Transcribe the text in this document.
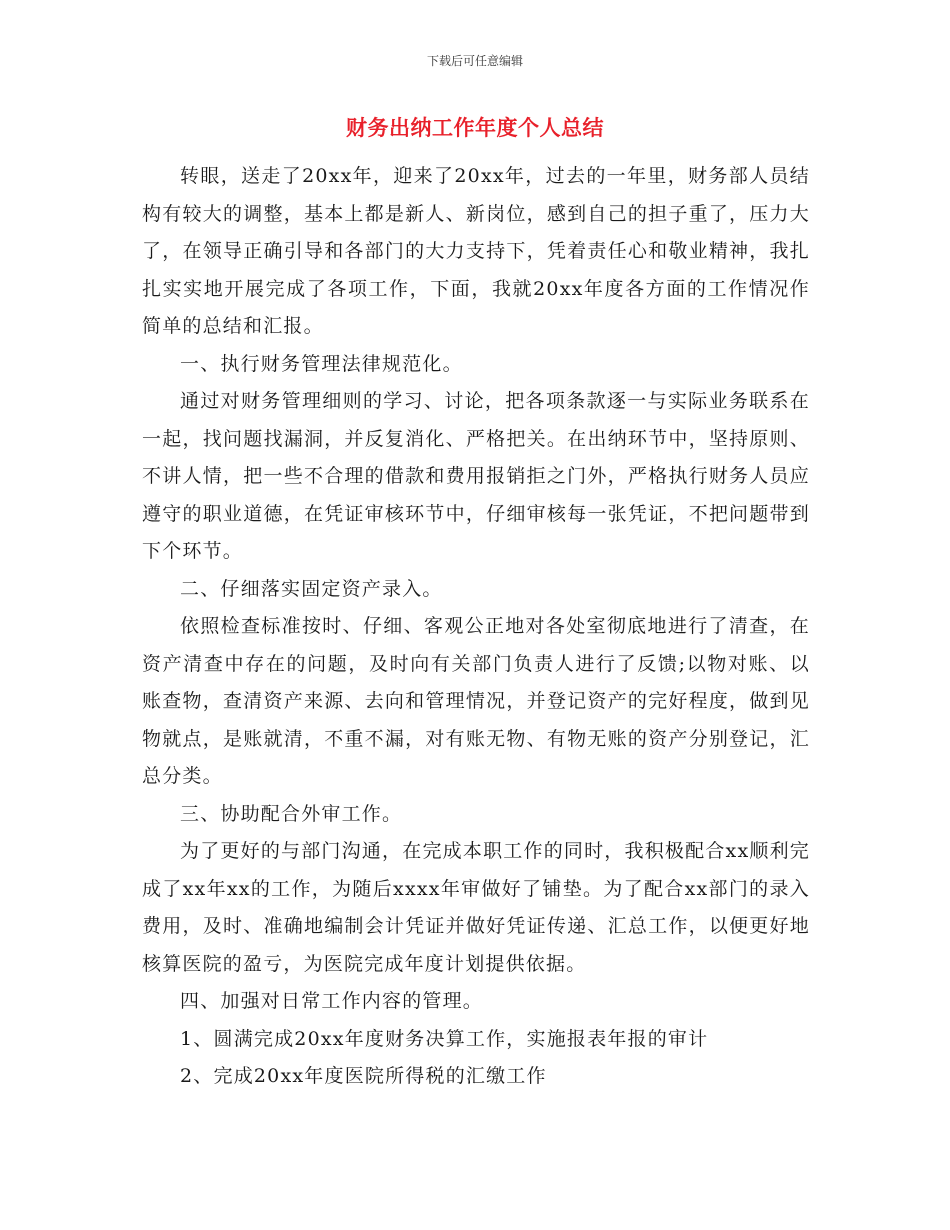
下载后可任意编辑
财务出纳工作年度个人总结

转眼，送走了20xx年，迎来了20xx年，过去的一年里，财务部人员结构有较大的调整，基本上都是新人、新岗位，感到自己的担子重了，压力大了，在领导正确引导和各部门的大力支持下，凭着责任心和敬业精神，我扎扎实实地开展完成了各项工作，下面，我就20xx年度各方面的工作情况作简单的总结和汇报。

一、执行财务管理法律规范化。

通过对财务管理细则的学习、讨论，把各项条款逐一与实际业务联系在一起，找问题找漏洞，并反复消化、严格把关。在出纳环节中，坚持原则、不讲人情，把一些不合理的借款和费用报销拒之门外，严格执行财务人员应遵守的职业道德，在凭证审核环节中，仔细审核每一张凭证，不把问题带到下个环节。

二、仔细落实固定资产录入。

依照检查标准按时、仔细、客观公正地对各处室彻底地进行了清查，在资产清查中存在的问题，及时向有关部门负责人进行了反馈;以物对账、以账查物，查清资产来源、去向和管理情况，并登记资产的完好程度，做到见物就点，是账就清，不重不漏，对有账无物、有物无账的资产分别登记，汇总分类。

三、协助配合外审工作。

为了更好的与部门沟通，在完成本职工作的同时，我积极配合xx顺利完成了xx年xx的工作，为随后xxxx年审做好了铺垫。为了配合xx部门的录入费用，及时、准确地编制会计凭证并做好凭证传递、汇总工作，以便更好地核算医院的盈亏，为医院完成年度计划提供依据。

四、加强对日常工作内容的管理。

1、圆满完成20xx年度财务决算工作，实施报表年报的审计

2、完成20xx年度医院所得税的汇缴工作
